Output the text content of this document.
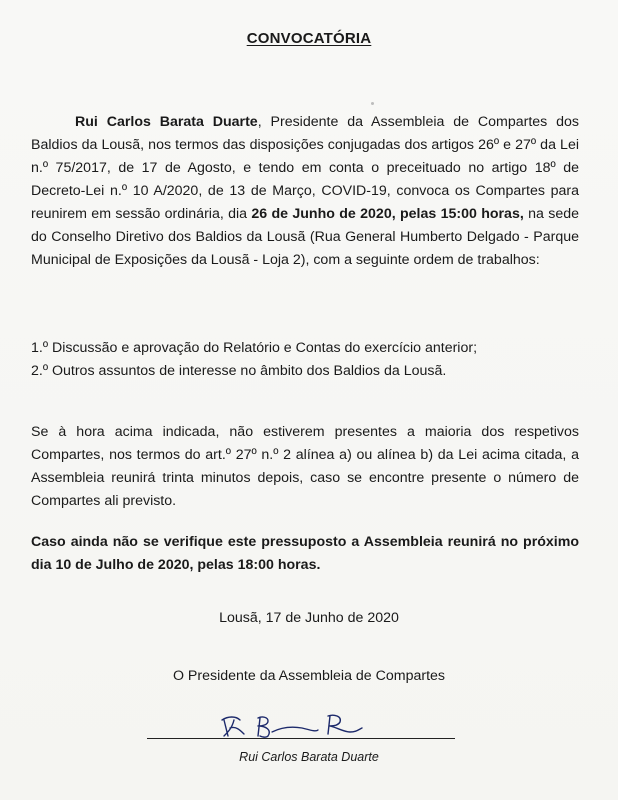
CONVOCATÓRIA
Rui Carlos Barata Duarte, Presidente da Assembleia de Compartes dos Baldios da Lousã, nos termos das disposições conjugadas dos artigos 26º e 27º da Lei n.º 75/2017, de 17 de Agosto, e tendo em conta o preceituado no artigo 18º de Decreto-Lei n.º 10 A/2020, de 13 de Março, COVID-19, convoca os Compartes para reunirem em sessão ordinária, dia 26 de Junho de 2020, pelas 15:00 horas, na sede do Conselho Diretivo dos Baldios da Lousã (Rua General Humberto Delgado - Parque Municipal de Exposições da Lousã - Loja 2), com a seguinte ordem de trabalhos:
1.º Discussão e aprovação do Relatório e Contas do exercício anterior;
2.º Outros assuntos de interesse no âmbito dos Baldios da Lousã.
Se à hora acima indicada, não estiverem presentes a maioria dos respetivos Compartes, nos termos do art.º 27º n.º 2 alínea a) ou alínea b) da Lei acima citada, a Assembleia reunirá trinta minutos depois, caso se encontre presente o número de Compartes ali previsto.
Caso ainda não se verifique este pressuposto a Assembleia reunirá no próximo dia 10 de Julho de 2020, pelas 18:00 horas.
Lousã, 17 de Junho de 2020
O Presidente da Assembleia de Compartes
Rui Carlos Barata Duarte
